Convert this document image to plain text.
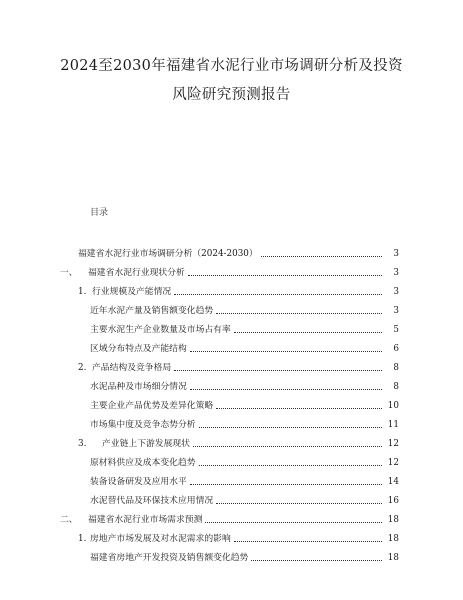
2024至2030年福建省水泥行业市场调研分析及投资
风险研究预测报告
目录
福建省水泥行业市场调研分析（2024-2030）	3
一、	福建省水泥行业现状分析	3
1. 行业规模及产能情况	3
近年水泥产量及销售额变化趋势	3
主要水泥生产企业数量及市场占有率	5
区域分布特点及产能结构	6
2. 产品结构及竞争格局	8
水泥品种及市场细分情况	8
主要企业产品优势及差异化策略	10
市场集中度及竞争态势分析	11
3.	产业链上下游发展现状	12
原材料供应及成本变化趋势	12
装备设备研发及应用水平	14
水泥替代品及环保技术应用情况	16
二、	福建省水泥行业市场需求预测	18
1. 房地产市场发展及对水泥需求的影响	18
福建省房地产开发投资及销售额变化趋势	18
